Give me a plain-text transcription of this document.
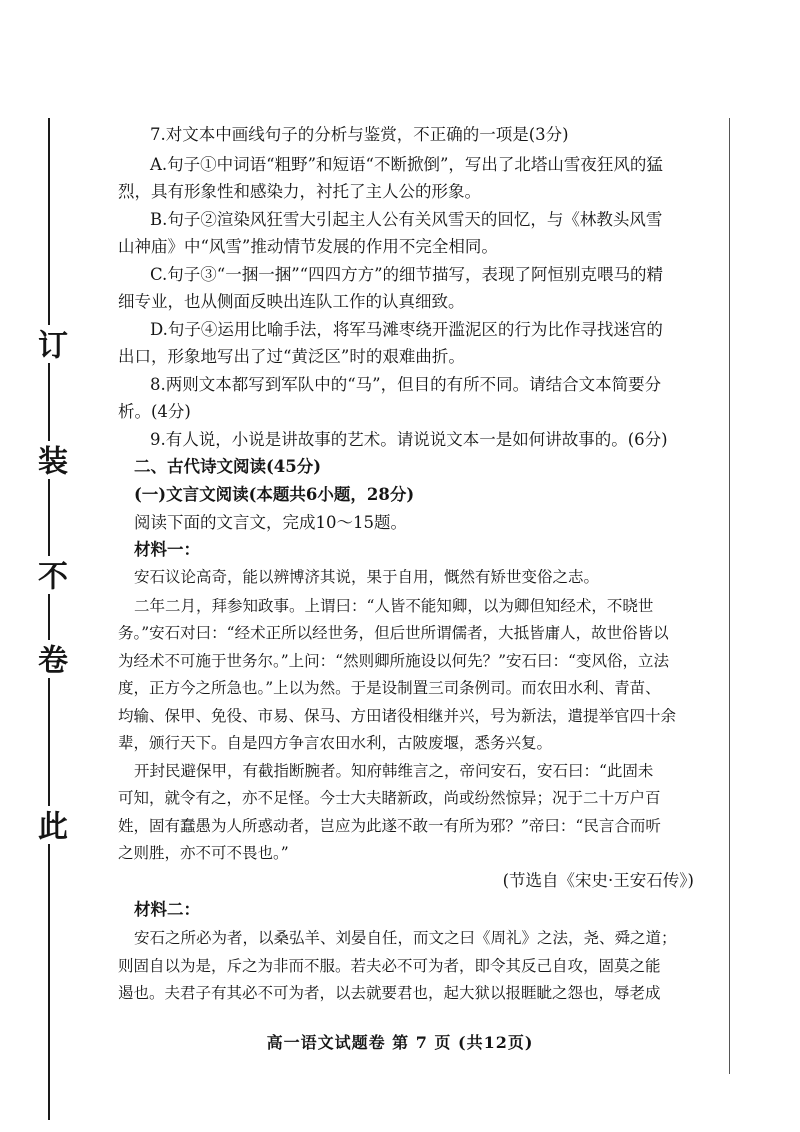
此
卷
不
装
订
7.对文本中画线句子的分析与鉴赏，不正确的一项是(3分)
A.句子①中词语“粗野”和短语“不断掀倒”，写出了北塔山雪夜狂风的猛
烈，具有形象性和感染力，衬托了主人公的形象。
B.句子②渲染风狂雪大引起主人公有关风雪天的回忆，与《林教头风雪
山神庙》中“风雪”推动情节发展的作用不完全相同。
C.句子③“一捆一捆”“四四方方”的细节描写，表现了阿恒别克喂马的精
细专业，也从侧面反映出连队工作的认真细致。
D.句子④运用比喻手法，将军马滩枣绕开滥泥区的行为比作寻找迷宫的
出口，形象地写出了过“黄泛区”时的艰难曲折。
8.两则文本都写到军队中的“马”，但目的有所不同。请结合文本简要分
析。(4分)
9.有人说，小说是讲故事的艺术。请说说文本一是如何讲故事的。(6分)
二、古代诗文阅读(45分)
(一)文言文阅读(本题共6小题，28分)
阅读下面的文言文，完成10～15题。
材料一：
安石议论高奇，能以辨博济其说，果于自用，慨然有矫世变俗之志。
二年二月，拜参知政事。上谓曰：“人皆不能知卿，以为卿但知经术，不晓世
务。”安石对曰：“经术正所以经世务，但后世所谓儒者，大抵皆庸人，故世俗皆以
为经术不可施于世务尔。”上问：“然则卿所施设以何先？”安石曰：“变风俗，立法
度，正方今之所急也。”上以为然。于是设制置三司条例司。而农田水利、青苗、
均输、保甲、免役、市易、保马、方田诸役相继并兴，号为新法，遣提举官四十余
辈，颁行天下。自是四方争言农田水利，古陂废堰，悉务兴复。
开封民避保甲，有截指断腕者。知府韩维言之，帝问安石，安石曰：“此固未
可知，就令有之，亦不足怪。今士大夫睹新政，尚或纷然惊异；况于二十万户百
姓，固有蠢愚为人所惑动者，岂应为此遂不敢一有所为邪？”帝曰：“民言合而听
之则胜，亦不可不畏也。”
(节选自《宋史·王安石传》)
材料二：
安石之所必为者，以桑弘羊、刘晏自任，而文之曰《周礼》之法，尧、舜之道；
则固自以为是，斥之为非而不服。若夫必不可为者，即令其反己自攻，固莫之能
遏也。夫君子有其必不可为者，以去就要君也，起大狱以报睚眦之怨也，辱老成
高一语文试题卷 第 7 页 (共12页)
